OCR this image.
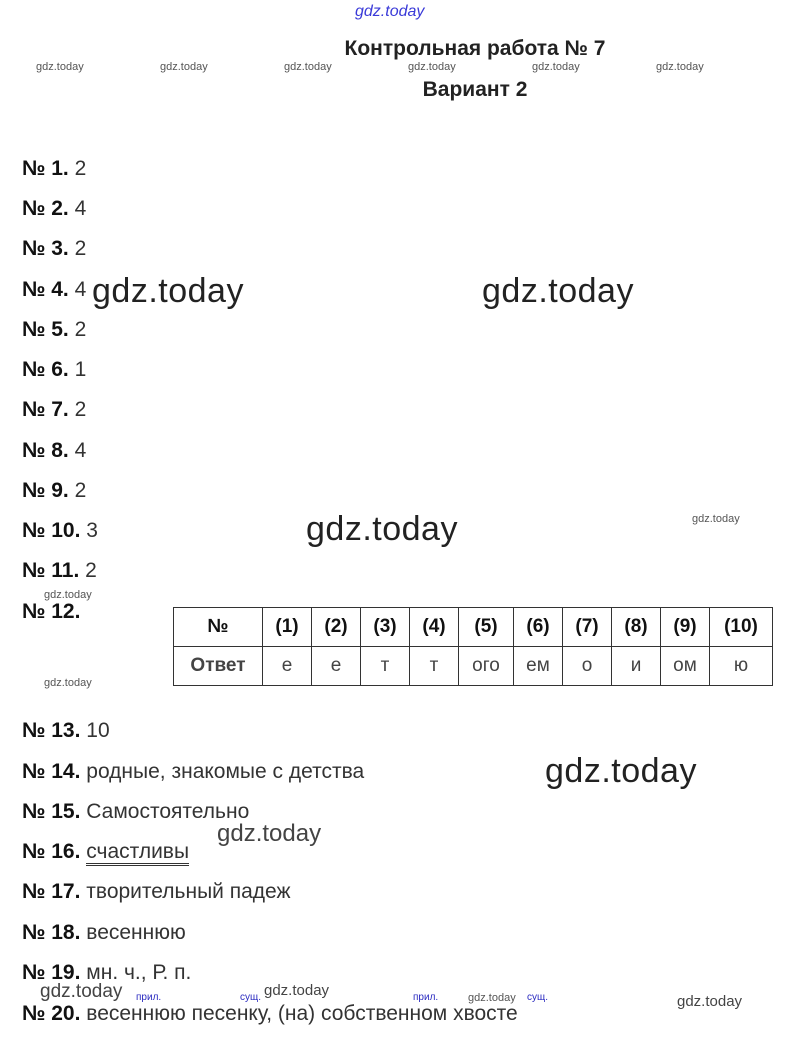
gdz.today
gdz.today	gdz.today	gdz.today	gdz.today	gdz.today	gdz.today
Контрольная работа № 7
Вариант 2
№ 1. 2
№ 2. 4
№ 3. 2
№ 4. 4
№ 5. 2
№ 6. 1
№ 7. 2
№ 8. 4
№ 9. 2
№ 10. 3
№ 11. 2
№ 12.
gdz.today	gdz.today
gdz.today	gdz.today
gdz.today
gdz.today
№	(1)	(2)	(3)	(4)	(5)	(6)	(7)	(8)	(9)	(10)
Ответ	е	е	т	т	ого	ем	о	и	ом	ю
№ 13. 10
№ 14. родные, знакомые с детства
№ 15. Самостоятельно
№ 16. счастливы
№ 17. творительный падеж
№ 18. весеннюю
№ 19. мн. ч., Р. п.
№ 20. весеннюю песенку, (на) собственном хвосте
прил.	сущ.	прил.	сущ.
gdz.today
gdz.today
gdz.today	gdz.today	gdz.today	gdz.today
